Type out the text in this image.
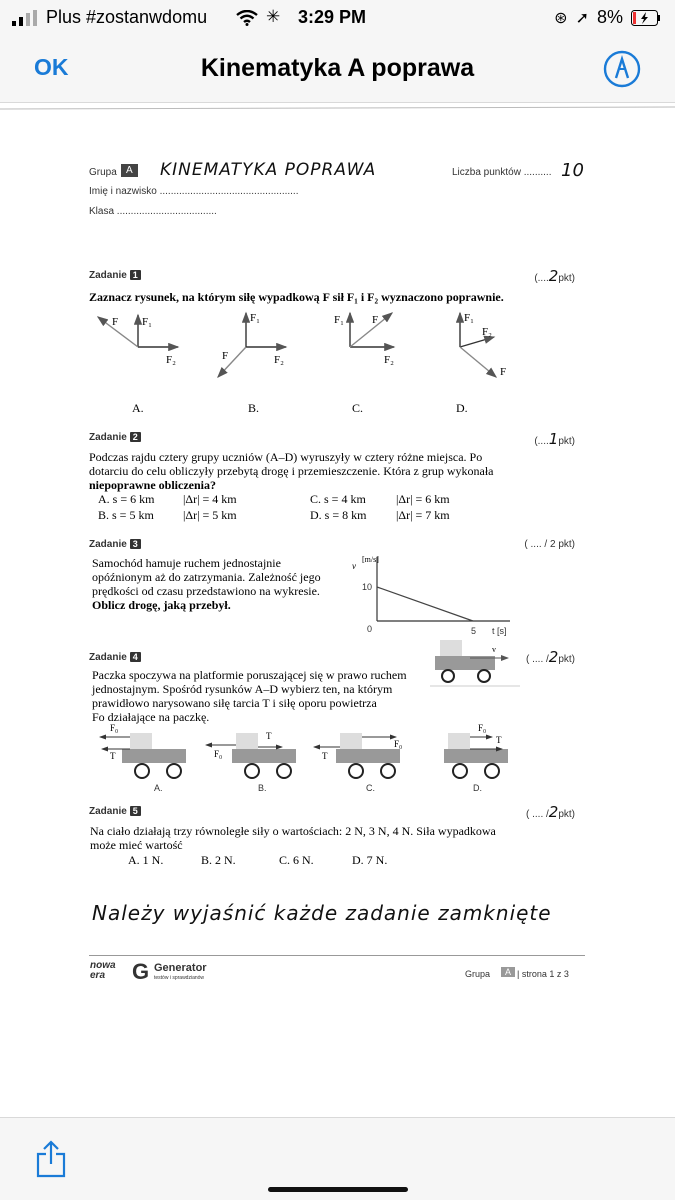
Plus #zostanwdomu	✳ 3:29 PM	⊛ ➚ 8%
OK	Kinematyka A poprawa
Grupa A KINEMATYKA POPRAWA	Liczba punktów .......... 10
Imię i nazwisko ..................................................
Klasa ....................................
Zadanie 1	(....2pkt)
Zaznacz rysunek, na którym siłę wypadkową F sił F₁ i F₂ wyznaczono poprawnie.
F F₁
F₂
F₁
F₂
F
F₁	F
F₂
F₁
F₂
F
A.	B.	C.	D.
Zadanie 2	(....1pkt)
Podczas rajdu cztery grupy uczniów (A–D) wyruszyły w cztery różne miejsca. Po
dotarciu do celu obliczyły przebytą drogę i przemieszczenie. Która z grup wykonała
niepoprawne obliczenia?
A. s = 6 km |Δr| = 4 km	C. s = 4 km	|Δr| = 6 km
B. s = 5 km |Δr| = 5 km	D. s = 8 km |Δr| = 7 km
Zadanie 3	( .... / 2 pkt)
Samochód hamuje ruchem jednostajnie
opóźnionym aż do zatrzymania. Zależność jego
prędkości od czasu przedstawiono na wykresie.
Oblicz drogę, jaką przebył.
v
[m/s]
10
0	5 t [s]
Zadanie 4	( .... /2pkt)
Paczka spoczywa na platformie poruszającej się w prawo ruchem
jednostajnym. Spośród rysunków A–D wybierz ten, na którym
prawidłowo narysowano siłę tarcia T i siłę oporu powietrza
Fo działające na paczkę.
v
F₀
T	F₀
T
T
F₀
F₀
T
A.	B.	C.	D.
Zadanie 5	( .... /2pkt)
Na ciało działają trzy równoległe siły o wartościach: 2 N, 3 N, 4 N. Siła wypadkowa
może mieć wartość
A. 1 N.	B. 2 N.	C. 6 N.	D. 7 N.
Należy wyjaśnić każde zadanie zamknięte
nowa era	G Generator
testów i sprawdzianów	Grupa	A | strona 1 z 3
